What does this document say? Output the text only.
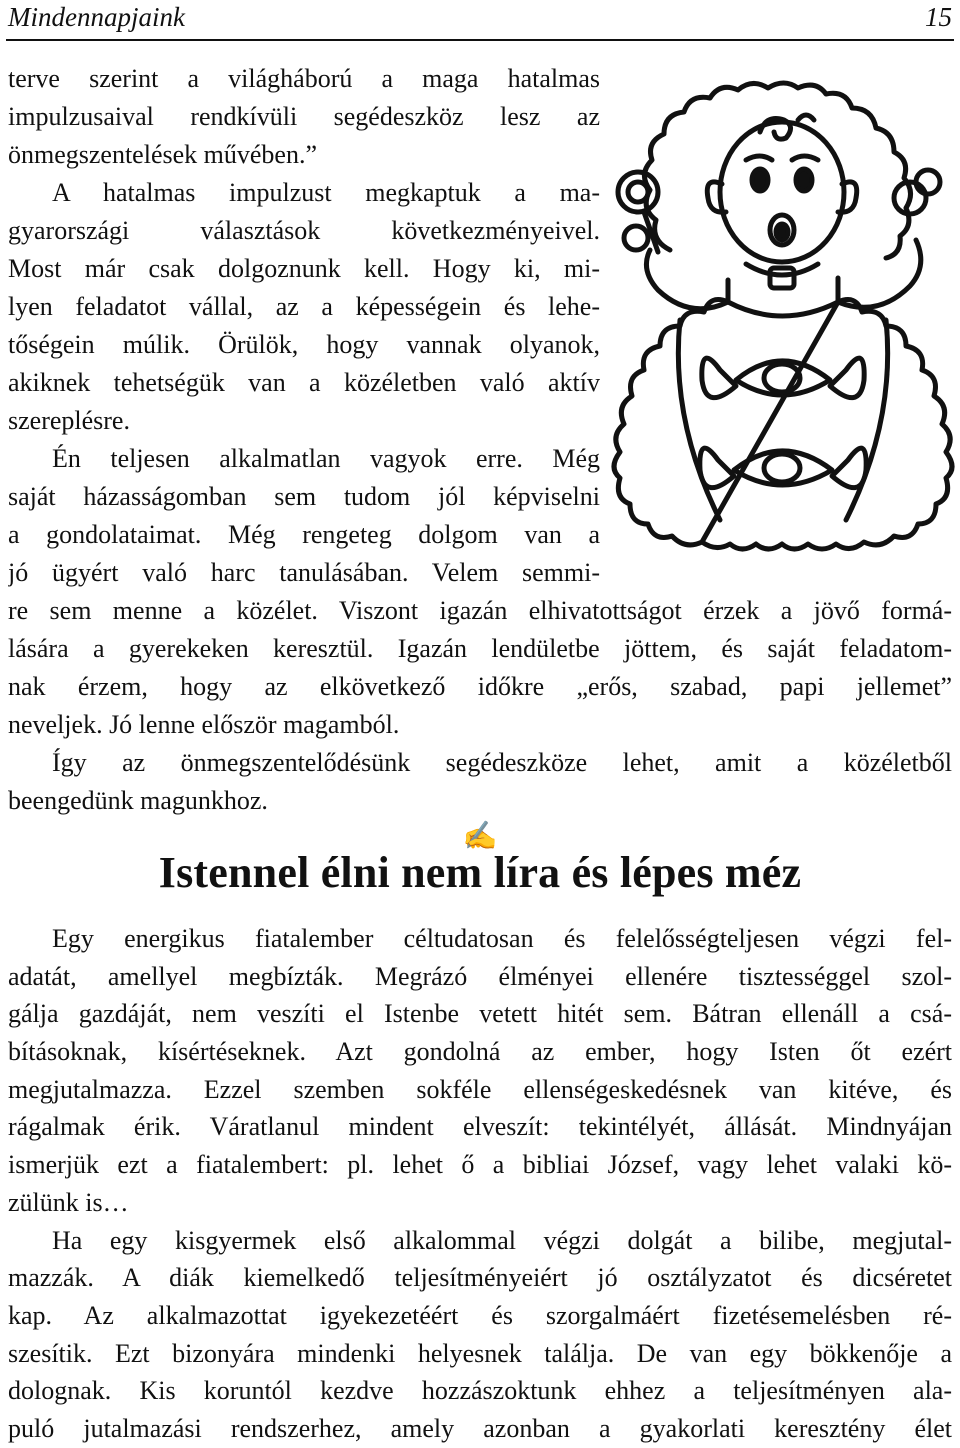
Mindennapjaink	15
terve szerint a világháború a maga hatalmas
impulzusaival rendkívüli segédeszköz lesz az
önmegszentelések művében.”
A hatalmas impulzust megkaptuk a ma-
gyarországi választások következményeivel.
Most már csak dolgoznunk kell. Hogy ki, mi-
lyen feladatot vállal, az a képességein és lehe-
tőségein múlik. Örülök, hogy vannak olyanok,
akiknek tehetségük van a közéletben való aktív
szereplésre.
Én teljesen alkalmatlan vagyok erre. Még
saját házasságomban sem tudom jól képviselni
a gondolataimat. Még rengeteg dolgom van a
jó ügyért való harc tanulásában. Velem semmi-
re sem menne a közélet. Viszont igazán elhivatottságot érzek a jövő formá-
lására a gyerekeken keresztül. Igazán lendületbe jöttem, és saját feladatom-
nak érzem, hogy az elkövetkező időkre „erős, szabad, papi jellemet”
neveljek. Jó lenne először magamból.
Így az önmegszentelődésünk segédeszköze lehet, amit a közéletből
beengedünk magunkhoz.
✍
Istennel élni nem líra és lépes méz
Egy energikus fiatalember céltudatosan és felelősségteljesen végzi fel-
adatát, amellyel megbízták. Megrázó élményei ellenére tisztességgel szol-
gálja gazdáját, nem veszíti el Istenbe vetett hitét sem. Bátran ellenáll a csá-
bításoknak, kísértéseknek. Azt gondolná az ember, hogy Isten őt ezért
megjutalmazza. Ezzel szemben sokféle ellenségeskedésnek van kitéve, és
rágalmak érik. Váratlanul mindent elveszít: tekintélyét, állását. Mindnyájan
ismerjük ezt a fiatalembert: pl. lehet ő a bibliai József, vagy lehet valaki kö-
zülünk is…
Ha egy kisgyermek első alkalommal végzi dolgát a bilibe, megjutal-
mazzák. A diák kiemelkedő teljesítményeiért jó osztályzatot és dicséretet
kap. Az alkalmazottat igyekezetéért és szorgalmáért fizetésemelésben ré-
szesítik. Ezt bizonyára mindenki helyesnek találja. De van egy bökkenője a
dolognak. Kis koruntól kezdve hozzászoktunk ehhez a teljesítményen ala-
puló jutalmazási rendszerhez, amely azonban a gyakorlati keresztény élet
